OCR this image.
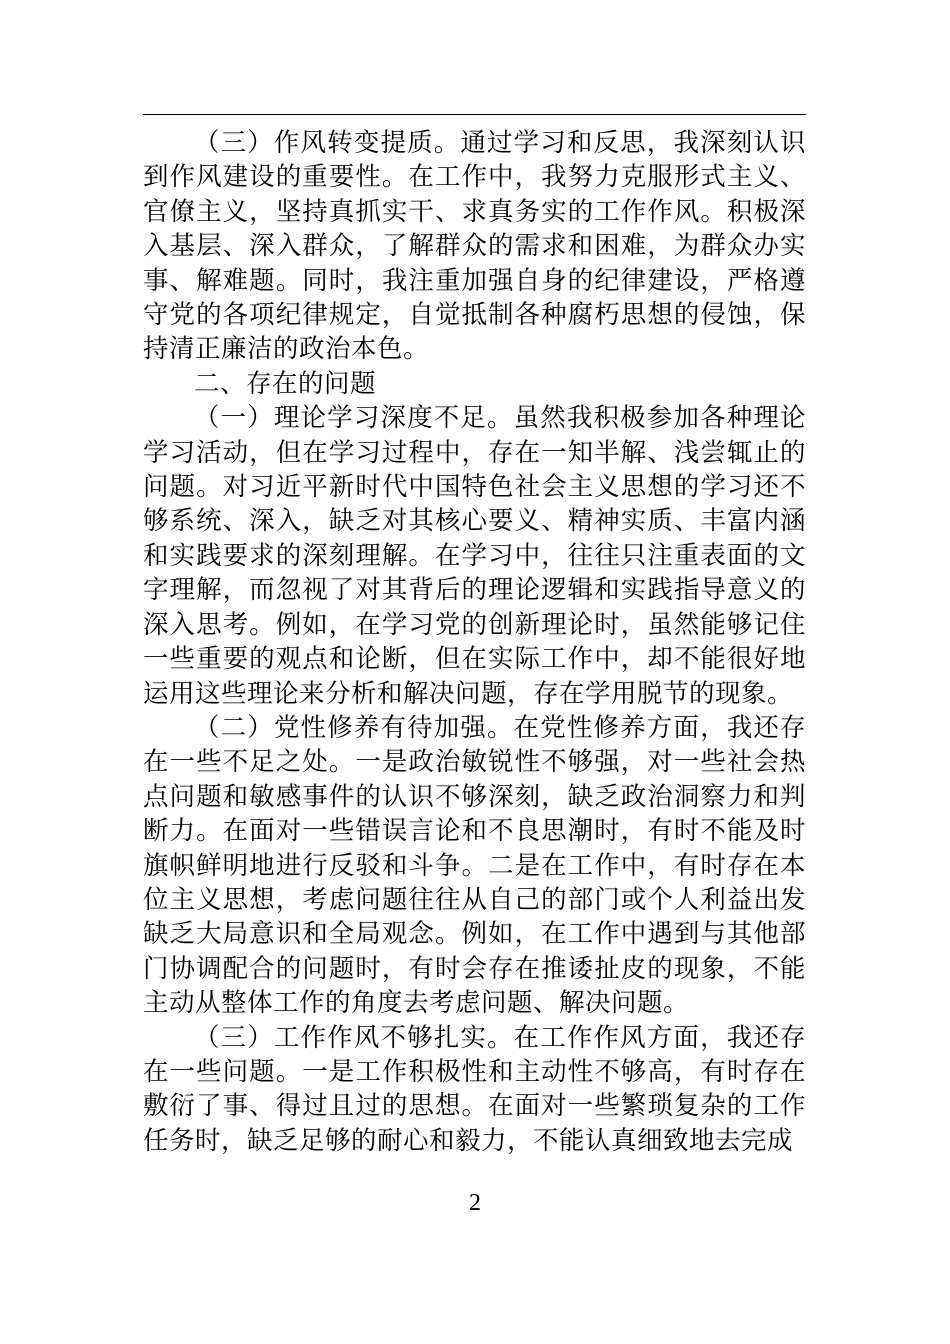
（三）作风转变提质。通过学习和反思，我深刻认识到作风建设的重要性。在工作中，我努力克服形式主义、官僚主义，坚持真抓实干、求真务实的工作作风。积极深入基层、深入群众，了解群众的需求和困难，为群众办实事、解难题。同时，我注重加强自身的纪律建设，严格遵守党的各项纪律规定，自觉抵制各种腐朽思想的侵蚀，保持清正廉洁的政治本色。

二、存在的问题

（一）理论学习深度不足。虽然我积极参加各种理论学习活动，但在学习过程中，存在一知半解、浅尝辄止的问题。对习近平新时代中国特色社会主义思想的学习还不够系统、深入，缺乏对其核心要义、精神实质、丰富内涵和实践要求的深刻理解。在学习中，往往只注重表面的文字理解，而忽视了对其背后的理论逻辑和实践指导意义的深入思考。例如，在学习党的创新理论时，虽然能够记住一些重要的观点和论断，但在实际工作中，却不能很好地运用这些理论来分析和解决问题，存在学用脱节的现象。

（二）党性修养有待加强。在党性修养方面，我还存在一些不足之处。一是政治敏锐性不够强，对一些社会热点问题和敏感事件的认识不够深刻，缺乏政治洞察力和判断力。在面对一些错误言论和不良思潮时，有时不能及时旗帜鲜明地进行反驳和斗争。二是在工作中，有时存在本位主义思想，考虑问题往往从自己的部门或个人利益出发缺乏大局意识和全局观念。例如，在工作中遇到与其他部门协调配合的问题时，有时会存在推诿扯皮的现象，不能主动从整体工作的角度去考虑问题、解决问题。

（三）工作作风不够扎实。在工作作风方面，我还存在一些问题。一是工作积极性和主动性不够高，有时存在敷衍了事、得过且过的思想。在面对一些繁琐复杂的工作任务时，缺乏足够的耐心和毅力，不能认真细致地去完成

2
